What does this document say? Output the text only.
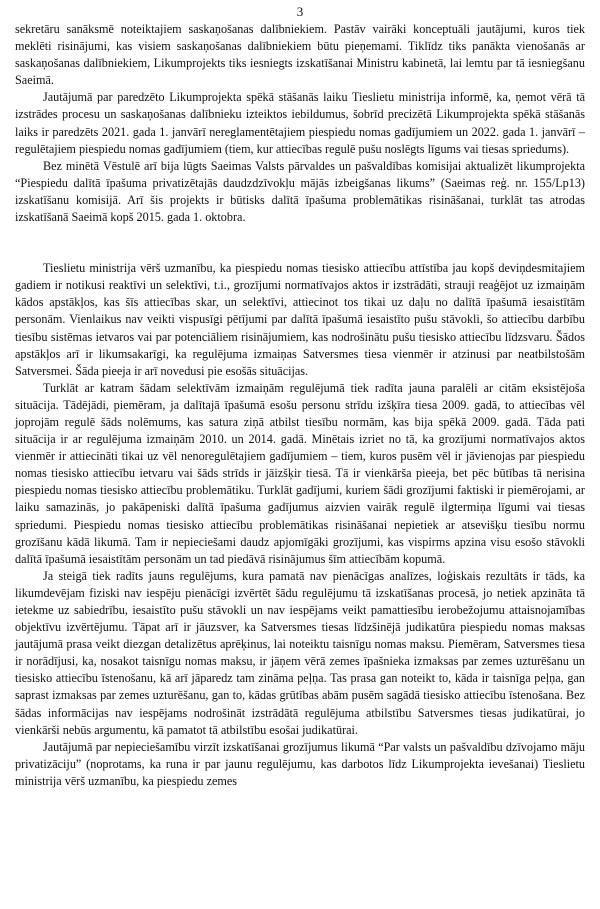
3

sekretāru sanāksmē noteiktajiem saskaņošanas dalībniekiem. Pastāv vairāki konceptuāli jautājumi, kuros tiek meklēti risinājumi, kas visiem saskaņošanas dalībniekiem būtu pieņemami. Tiklīdz tiks panākta vienošanās ar saskaņošanas dalībniekiem, Likumprojekts tiks iesniegts izskatīšanai Ministru kabinetā, lai lemtu par tā iesniegšanu Saeimā.

Jautājumā par paredzēto Likumprojekta spēkā stāšanās laiku Tieslietu ministrija informē, ka, ņemot vērā tā izstrādes procesu un saskaņošanas dalībnieku izteiktos iebildumus, šobrīd precizētā Likumprojekta spēkā stāšanās laiks ir paredzēts 2021. gada 1. janvārī nereglamentētajiem piespiedu nomas gadījumiem un 2022. gada 1. janvārī – regulētajiem piespiedu nomas gadījumiem (tiem, kur attiecības regulē pušu noslēgts līgums vai tiesas spriedums).

Bez minētā Vēstulē arī bija lūgts Saeimas Valsts pārvaldes un pašvaldības komisijai aktualizēt likumprojekta “Piespiedu dalītā īpašuma privatizētajās daudzdzīvokļu mājās izbeigšanas likums” (Saeimas reģ. nr. 155/Lp13) izskatīšanu komisijā. Arī šis projekts ir būtisks dalītā īpašuma problemātikas risināšanai, turklāt tas atrodas izskatīšanā Saeimā kopš 2015. gada 1. oktobra.

Tieslietu ministrija vērš uzmanību, ka piespiedu nomas tiesisko attiecību attīstība jau kopš deviņdesmitajiem gadiem ir notikusi reaktīvi un selektīvi, t.i., grozījumi normatīvajos aktos ir izstrādāti, strauji reaģējot uz izmaiņām kādos apstākļos, kas šīs attiecības skar, un selektīvi, attiecinot tos tikai uz daļu no dalītā īpašumā iesaistītām personām. Vienlaikus nav veikti vispusīgi pētījumi par dalītā īpašumā iesaistīto pušu stāvokli, šo attiecību darbību tiesību sistēmas ietvaros vai par potenciāliem risinājumiem, kas nodrošinātu pušu tiesisko attiecību līdzsvaru. Šādos apstākļos arī ir likumsakarīgi, ka regulējuma izmaiņas Satversmes tiesa vienmēr ir atzinusi par neatbilstošām Satversmei. Šāda pieeja ir arī novedusi pie esošās situācijas.

Turklāt ar katram šādam selektīvām izmaiņām regulējumā tiek radīta jauna paralēli ar citām eksistējoša situācija. Tādējādi, piemēram, ja dalītajā īpašumā esošu personu strīdu izšķīra tiesa 2009. gadā, to attiecības vēl joprojām regulē šāds nolēmums, kas satura ziņā atbilst tiesību normām, kas bija spēkā 2009. gadā. Tāda pati situācija ir ar regulējuma izmaiņām 2010. un 2014. gadā. Minētais izriet no tā, ka grozījumi normatīvajos aktos vienmēr ir attiecināti tikai uz vēl nenoregulētajiem gadījumiem – tiem, kuros pusēm vēl ir jāvienojas par piespiedu nomas tiesisko attiecību ietvaru vai šāds strīds ir jāizšķir tiesā. Tā ir vienkārša pieeja, bet pēc būtības tā nerisina piespiedu nomas tiesisko attiecību problemātiku. Turklāt gadījumi, kuriem šādi grozījumi faktiski ir piemērojami, ar laiku samazinās, jo pakāpeniski dalītā īpašuma gadījumus aizvien vairāk regulē ilgtermiņa līgumi vai tiesas spriedumi. Piespiedu nomas tiesisko attiecību problemātikas risināšanai nepietiek ar atsevišķu tiesību normu grozīšanu kādā likumā. Tam ir nepieciešami daudz apjomīgāki grozījumi, kas vispirms apzina visu esošo stāvokli dalītā īpašumā iesaistītām personām un tad piedāvā risinājumus šīm attiecībām kopumā.

Ja steigā tiek radīts jauns regulējums, kura pamatā nav pienācīgas analīzes, loģiskais rezultāts ir tāds, ka likumdevējam fiziski nav iespēju pienācīgi izvērtēt šādu regulējumu tā izskatīšanas procesā, jo netiek apzināta tā ietekme uz sabiedrību, iesaistīto pušu stāvokli un nav iespējams veikt pamattiesību ierobežojumu attaisnojamības objektīvu izvērtējumu. Tāpat arī ir jāuzsver, ka Satversmes tiesas līdzšinējā judikatūra piespiedu nomas maksas jautājumā prasa veikt diezgan detalizētus aprēķinus, lai noteiktu taisnīgu nomas maksu. Piemēram, Satversmes tiesa ir norādījusi, ka, nosakot taisnīgu nomas maksu, ir jāņem vērā zemes īpašnieka izmaksas par zemes uzturēšanu un tiesisko attiecību īstenošanu, kā arī jāparedz tam zināma peļņa. Tas prasa gan noteikt to, kāda ir taisnīga peļņa, gan saprast izmaksas par zemes uzturēšanu, gan to, kādas grūtības abām pusēm sagādā tiesisko attiecību īstenošana. Bez šādas informācijas nav iespējams nodrošināt izstrādātā regulējuma atbilstību Satversmes tiesas judikatūrai, jo vienkārši nebūs argumentu, kā pamatot tā atbilstību esošai judikatūrai.

Jautājumā par nepieciešamību virzīt izskatīšanai grozījumus likumā “Par valsts un pašvaldību dzīvojamo māju privatizāciju” (noprotams, ka runa ir par jaunu regulējumu, kas darbotos līdz Likumprojekta ievešanai) Tieslietu ministrija vērš uzmanību, ka piespiedu zemes
